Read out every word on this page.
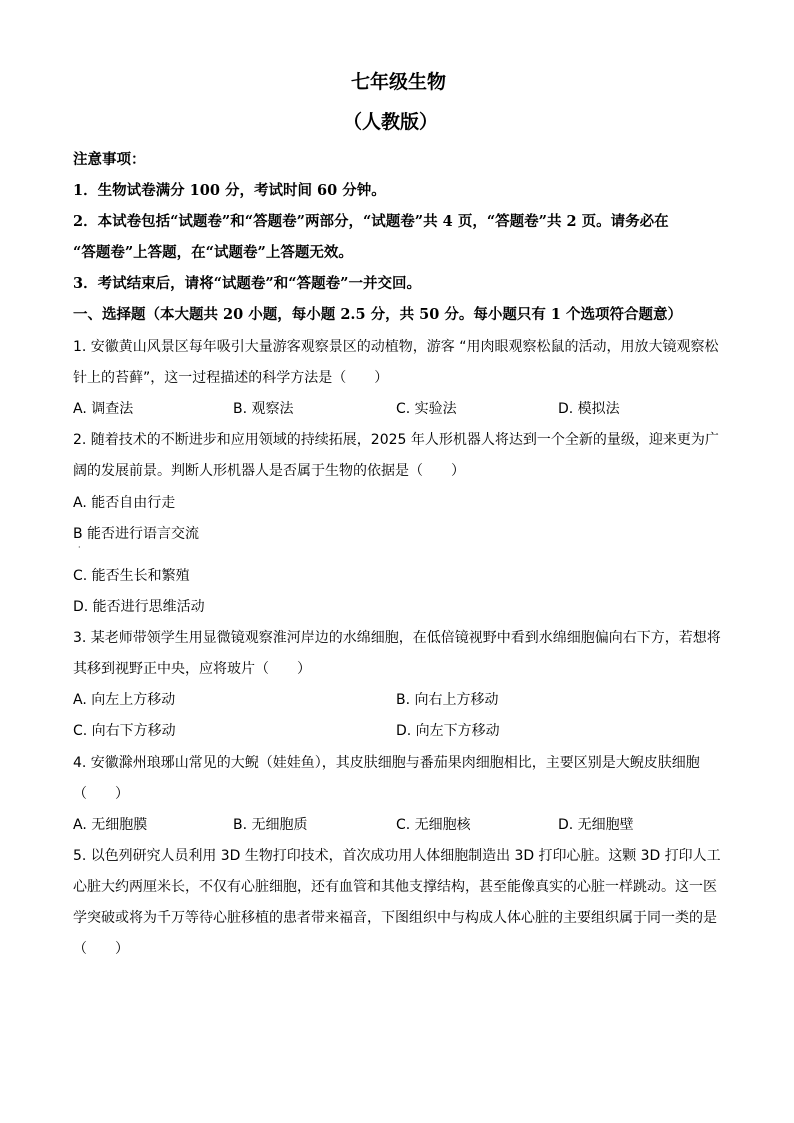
七年级生物
（人教版）
注意事项：
1．生物试卷满分 100 分，考试时间 60 分钟。
2．本试卷包括“试题卷”和“答题卷”两部分，“试题卷”共 4 页，“答题卷”共 2 页。请务必在
“答题卷”上答题，在“试题卷”上答题无效。
3．考试结束后，请将“试题卷”和“答题卷”一并交回。
一、选择题（本大题共 20 小题，每小题 2.5 分，共 50 分。每小题只有 1 个选项符合题意）
1. 安徽黄山风景区每年吸引大量游客观察景区的动植物，游客 “用肉眼观察松鼠的活动，用放大镜观察松
针上的苔藓”，这一过程描述的科学方法是（　　）
A. 调查法	B. 观察法	C. 实验法	D. 模拟法
2. 随着技术的不断进步和应用领域的持续拓展，2025 年人形机器人将达到一个全新的量级，迎来更为广
阔的发展前景。判断人形机器人是否属于生物的依据是（　　）
A. 能否自由行走
B 能否进行语言交流
·
C. 能否生长和繁殖
D. 能否进行思维活动
3. 某老师带领学生用显微镜观察淮河岸边的水绵细胞，在低倍镜视野中看到水绵细胞偏向右下方，若想将
其移到视野正中央，应将玻片（　　）
A. 向左上方移动	B. 向右上方移动
C. 向右下方移动	D. 向左下方移动
4. 安徽滁州琅琊山常见的大鲵（娃娃鱼），其皮肤细胞与番茄果肉细胞相比，主要区别是大鲵皮肤细胞
（　　）
A. 无细胞膜	B. 无细胞质	C. 无细胞核	D. 无细胞壁
5. 以色列研究人员利用 3D 生物打印技术，首次成功用人体细胞制造出 3D 打印心脏。这颗 3D 打印人工
心脏大约两厘米长，不仅有心脏细胞，还有血管和其他支撑结构，甚至能像真实的心脏一样跳动。这一医
学突破或将为千万等待心脏移植的患者带来福音，下图组织中与构成人体心脏的主要组织属于同一类的是
（　　）
